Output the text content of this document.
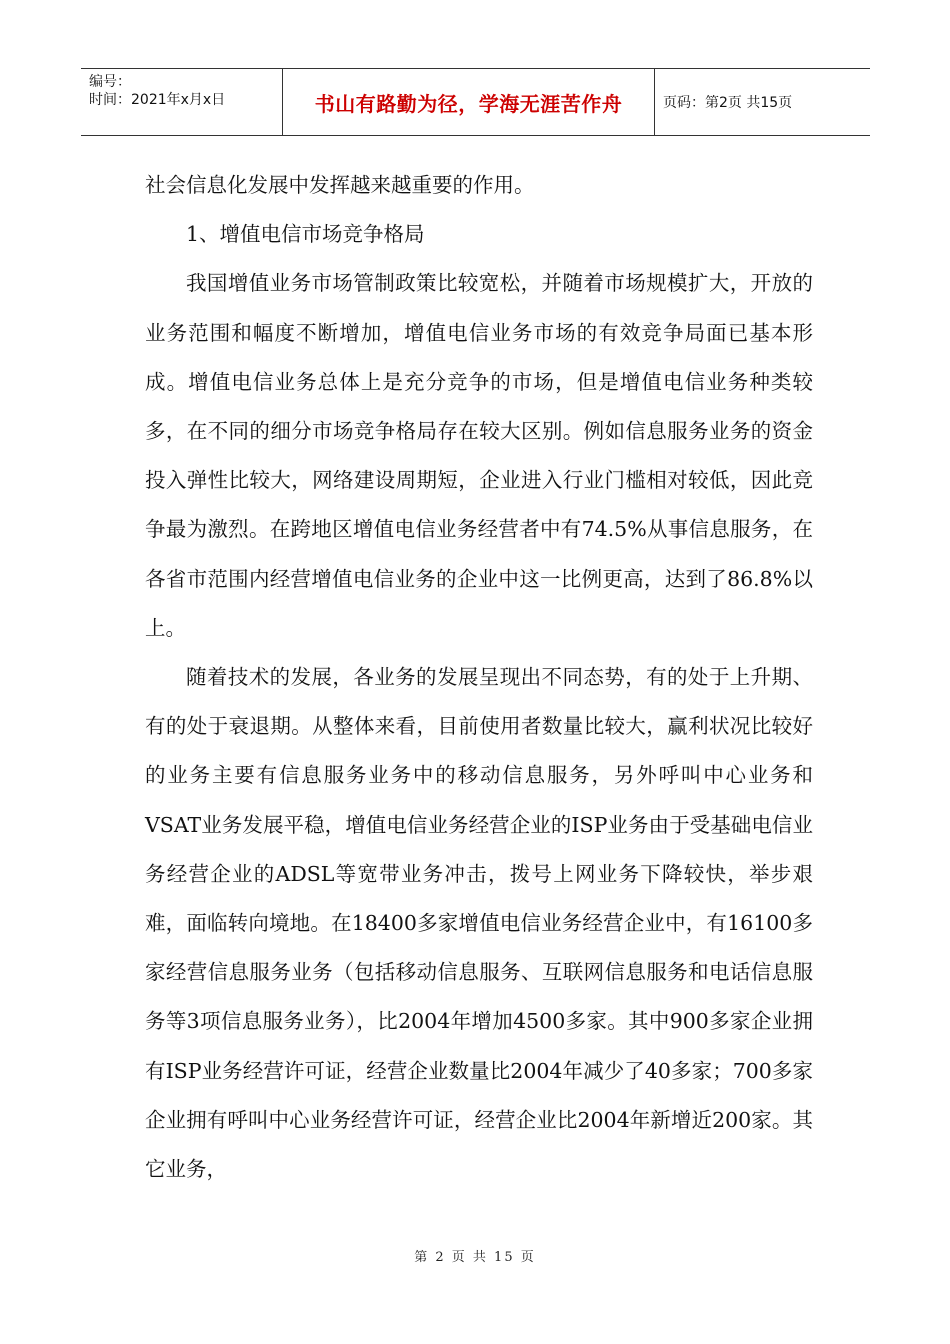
编号：
时间：2021年x月x日	书山有路勤为径，学海无涯苦作舟	页码：第2页 共15页

社会信息化发展中发挥越来越重要的作用。

1、增值电信市场竞争格局

我国增值业务市场管制政策比较宽松，并随着市场规模扩大，开放的业务范围和幅度不断增加，增值电信业务市场的有效竞争局面已基本形成。增值电信业务总体上是充分竞争的市场，但是增值电信业务种类较多，在不同的细分市场竞争格局存在较大区别。例如信息服务业务的资金投入弹性比较大，网络建设周期短，企业进入行业门槛相对较低，因此竞争最为激烈。在跨地区增值电信业务经营者中有74.5%从事信息服务，在各省市范围内经营增值电信业务的企业中这一比例更高，达到了86.8%以上。

随着技术的发展，各业务的发展呈现出不同态势，有的处于上升期、有的处于衰退期。从整体来看，目前使用者数量比较大，赢利状况比较好的业务主要有信息服务业务中的移动信息服务，另外呼叫中心业务和VSAT业务发展平稳，增值电信业务经营企业的ISP业务由于受基础电信业务经营企业的ADSL等宽带业务冲击，拨号上网业务下降较快，举步艰难，面临转向境地。在18400多家增值电信业务经营企业中，有16100多家经营信息服务业务（包括移动信息服务、互联网信息服务和电话信息服务等3项信息服务业务），比2004年增加4500多家。其中900多家企业拥有ISP业务经营许可证，经营企业数量比2004年减少了40多家；700多家企业拥有呼叫中心业务经营许可证，经营企业比2004年新增近200家。其它业务，

第 2 页 共 15 页
